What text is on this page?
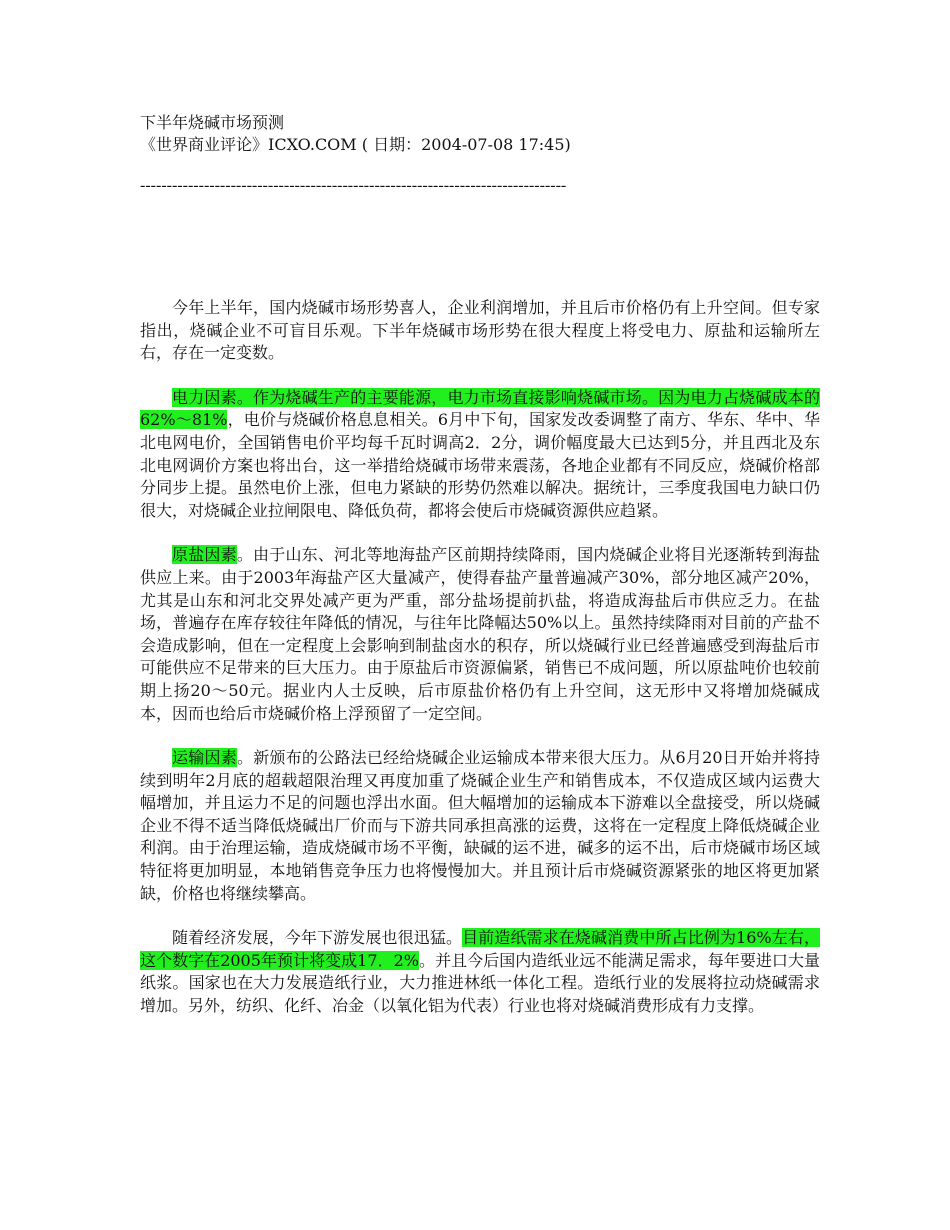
下半年烧碱市场预测
《世界商业评论》ICXO.COM ( 日期：2004-07-08 17:45)
--------------------------------------------------------------------------------

今年上半年，国内烧碱市场形势喜人，企业利润增加，并且后市价格仍有上升空间。但专家指出，烧碱企业不可盲目乐观。下半年烧碱市场形势在很大程度上将受电力、原盐和运输所左右，存在一定变数。

电力因素。作为烧碱生产的主要能源，电力市场直接影响烧碱市场。因为电力占烧碱成本的62%～81%，电价与烧碱价格息息相关。6月中下旬，国家发改委调整了南方、华东、华中、华北电网电价，全国销售电价平均每千瓦时调高2．2分，调价幅度最大已达到5分，并且西北及东北电网调价方案也将出台，这一举措给烧碱市场带来震荡，各地企业都有不同反应，烧碱价格部分同步上提。虽然电价上涨，但电力紧缺的形势仍然难以解决。据统计，三季度我国电力缺口仍很大，对烧碱企业拉闸限电、降低负荷，都将会使后市烧碱资源供应趋紧。

原盐因素。由于山东、河北等地海盐产区前期持续降雨，国内烧碱企业将目光逐渐转到海盐供应上来。由于2003年海盐产区大量减产，使得春盐产量普遍减产30%，部分地区减产20%，尤其是山东和河北交界处减产更为严重，部分盐场提前扒盐，将造成海盐后市供应乏力。在盐场，普遍存在库存较往年降低的情况，与往年比降幅达50%以上。虽然持续降雨对目前的产盐不会造成影响，但在一定程度上会影响到制盐卤水的积存，所以烧碱行业已经普遍感受到海盐后市可能供应不足带来的巨大压力。由于原盐后市资源偏紧，销售已不成问题，所以原盐吨价也较前期上扬20～50元。据业内人士反映，后市原盐价格仍有上升空间，这无形中又将增加烧碱成本，因而也给后市烧碱价格上浮预留了一定空间。

运输因素。新颁布的公路法已经给烧碱企业运输成本带来很大压力。从6月20日开始并将持续到明年2月底的超载超限治理又再度加重了烧碱企业生产和销售成本，不仅造成区域内运费大幅增加，并且运力不足的问题也浮出水面。但大幅增加的运输成本下游难以全盘接受，所以烧碱企业不得不适当降低烧碱出厂价而与下游共同承担高涨的运费，这将在一定程度上降低烧碱企业利润。由于治理运输，造成烧碱市场不平衡，缺碱的运不进，碱多的运不出，后市烧碱市场区域特征将更加明显，本地销售竞争压力也将慢慢加大。并且预计后市烧碱资源紧张的地区将更加紧缺，价格也将继续攀高。

随着经济发展，今年下游发展也很迅猛。目前造纸需求在烧碱消费中所占比例为16%左右，这个数字在2005年预计将变成17．2%。并且今后国内造纸业远不能满足需求，每年要进口大量纸浆。国家也在大力发展造纸行业，大力推进林纸一体化工程。造纸行业的发展将拉动烧碱需求增加。另外，纺织、化纤、冶金（以氧化铝为代表）行业也将对烧碱消费形成有力支撑。
